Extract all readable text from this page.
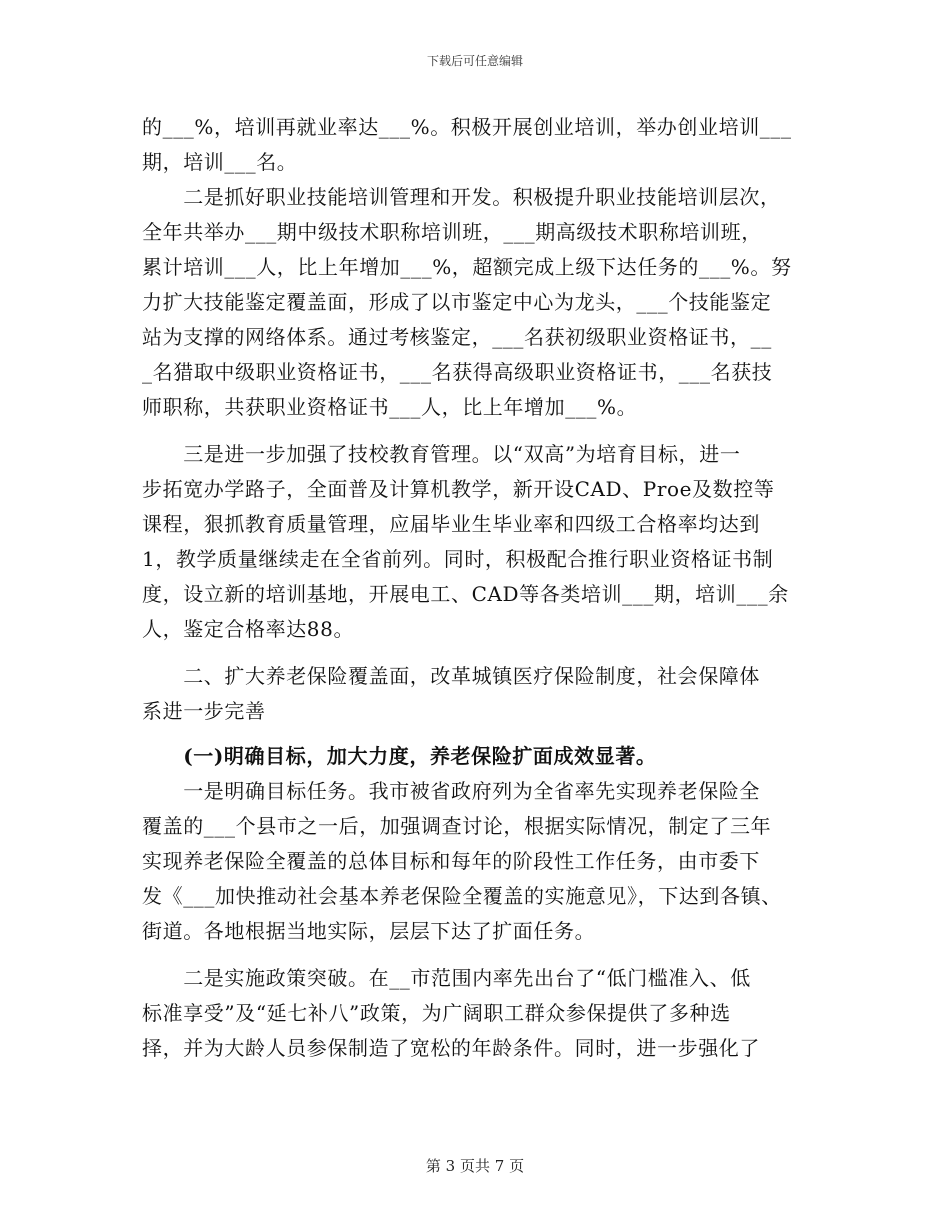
下载后可任意编辑
的___%，培训再就业率达___%。积极开展创业培训，举办创业培训___
期，培训___名。
　　二是抓好职业技能培训管理和开发。积极提升职业技能培训层次，
全年共举办___期中级技术职称培训班，___期高级技术职称培训班，
累计培训___人，比上年增加___%，超额完成上级下达任务的___%。努
力扩大技能鉴定覆盖面，形成了以市鉴定中心为龙头，___个技能鉴定
站为支撑的网络体系。通过考核鉴定，___名获初级职业资格证书，__
_名猎取中级职业资格证书，___名获得高级职业资格证书，___名获技
师职称，共获职业资格证书___人，比上年增加___%。
　　三是进一步加强了技校教育管理。以“双高”为培育目标，进一
步拓宽办学路子，全面普及计算机教学，新开设CAD、Proe及数控等
课程，狠抓教育质量管理，应届毕业生毕业率和四级工合格率均达到
1，教学质量继续走在全省前列。同时，积极配合推行职业资格证书制
度，设立新的培训基地，开展电工、CAD等各类培训___期，培训___余
人，鉴定合格率达88。
　　二、扩大养老保险覆盖面，改革城镇医疗保险制度，社会保障体
系进一步完善
　　(一)明确目标，加大力度，养老保险扩面成效显著。
　　一是明确目标任务。我市被省政府列为全省率先实现养老保险全
覆盖的___个县市之一后，加强调查讨论，根据实际情况，制定了三年
实现养老保险全覆盖的总体目标和每年的阶段性工作任务，由市委下
发《___加快推动社会基本养老保险全覆盖的实施意见》，下达到各镇、
街道。各地根据当地实际，层层下达了扩面任务。
　　二是实施政策突破。在__市范围内率先出台了“低门槛准入、低
标准享受”及“延七补八”政策，为广阔职工群众参保提供了多种选
择，并为大龄人员参保制造了宽松的年龄条件。同时，进一步强化了
第 3 页共 7 页
